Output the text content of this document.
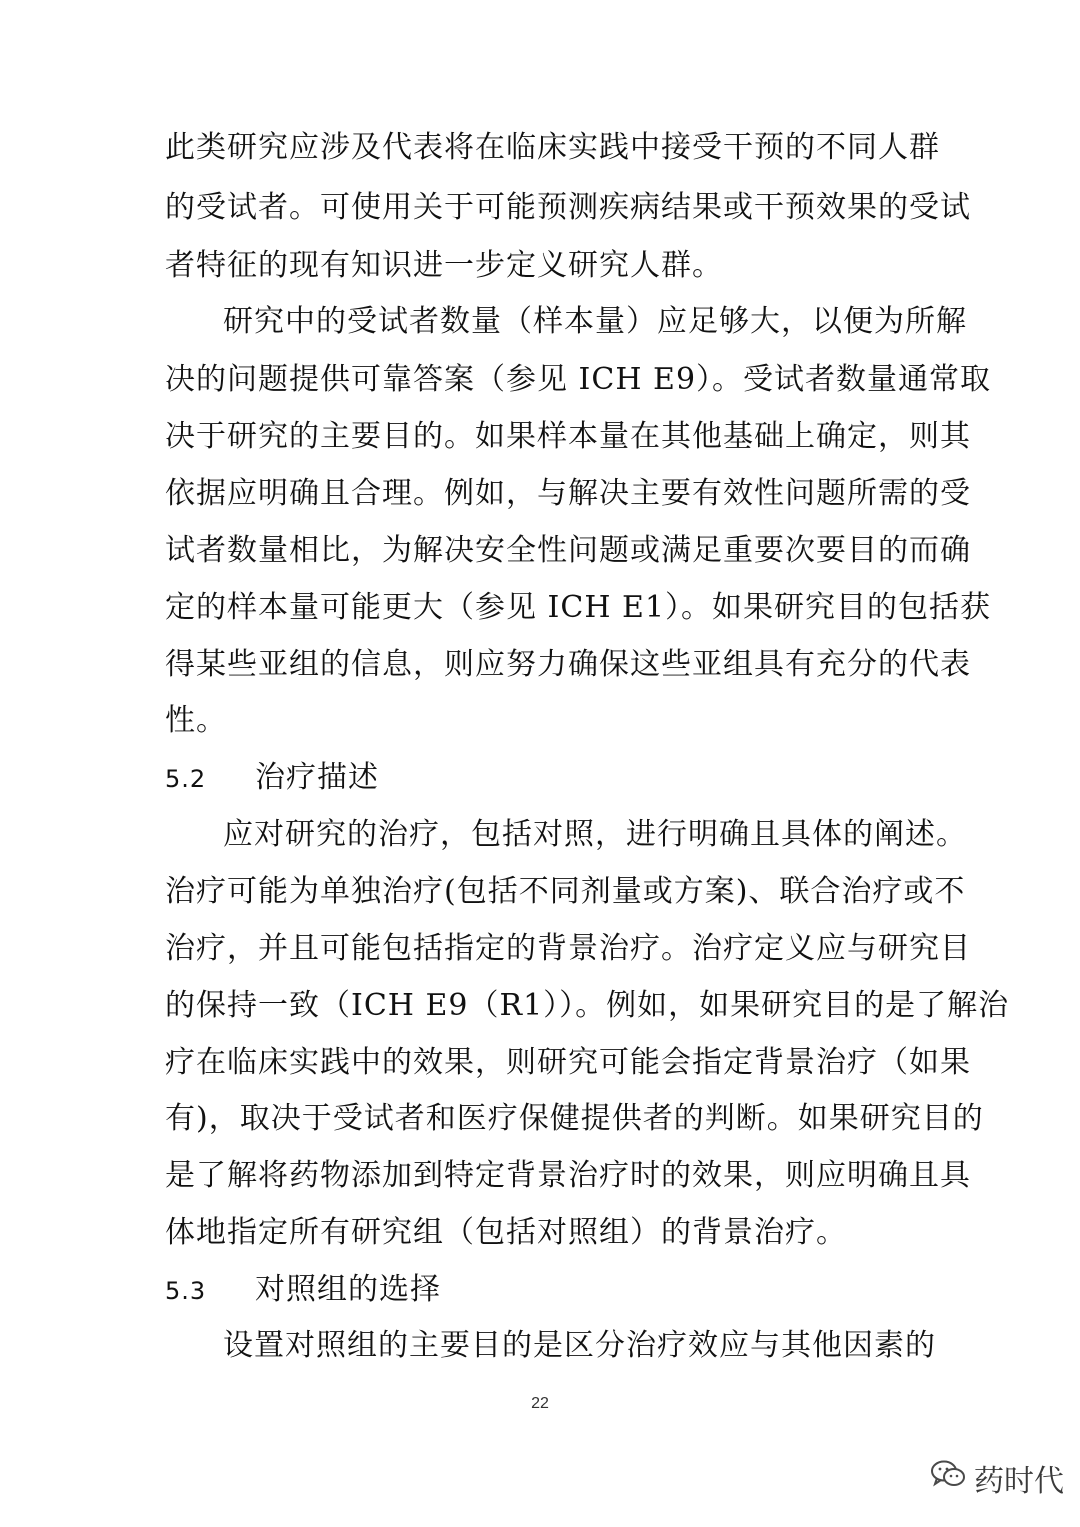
此类研究应涉及代表将在临床实践中接受干预的不同人群
的受试者。可使用关于可能预测疾病结果或干预效果的受试
者特征的现有知识进一步定义研究人群。
研究中的受试者数量（样本量）应足够大，以便为所解
决的问题提供可靠答案（参见 ICH E9）。受试者数量通常取
决于研究的主要目的。如果样本量在其他基础上确定，则其
依据应明确且合理。例如，与解决主要有效性问题所需的受
试者数量相比，为解决安全性问题或满足重要次要目的而确
定的样本量可能更大（参见 ICH E1）。如果研究目的包括获
得某些亚组的信息，则应努力确保这些亚组具有充分的代表
性。
5.2 治疗描述
应对研究的治疗，包括对照，进行明确且具体的阐述。
治疗可能为单独治疗(包括不同剂量或方案)、联合治疗或不
治疗，并且可能包括指定的背景治疗。治疗定义应与研究目
的保持一致（ICH E9（R1））。例如，如果研究目的是了解治
疗在临床实践中的效果，则研究可能会指定背景治疗（如果
有)，取决于受试者和医疗保健提供者的判断。如果研究目的
是了解将药物添加到特定背景治疗时的效果，则应明确且具
体地指定所有研究组（包括对照组）的背景治疗。
5.3 对照组的选择
设置对照组的主要目的是区分治疗效应与其他因素的
22
药时代
